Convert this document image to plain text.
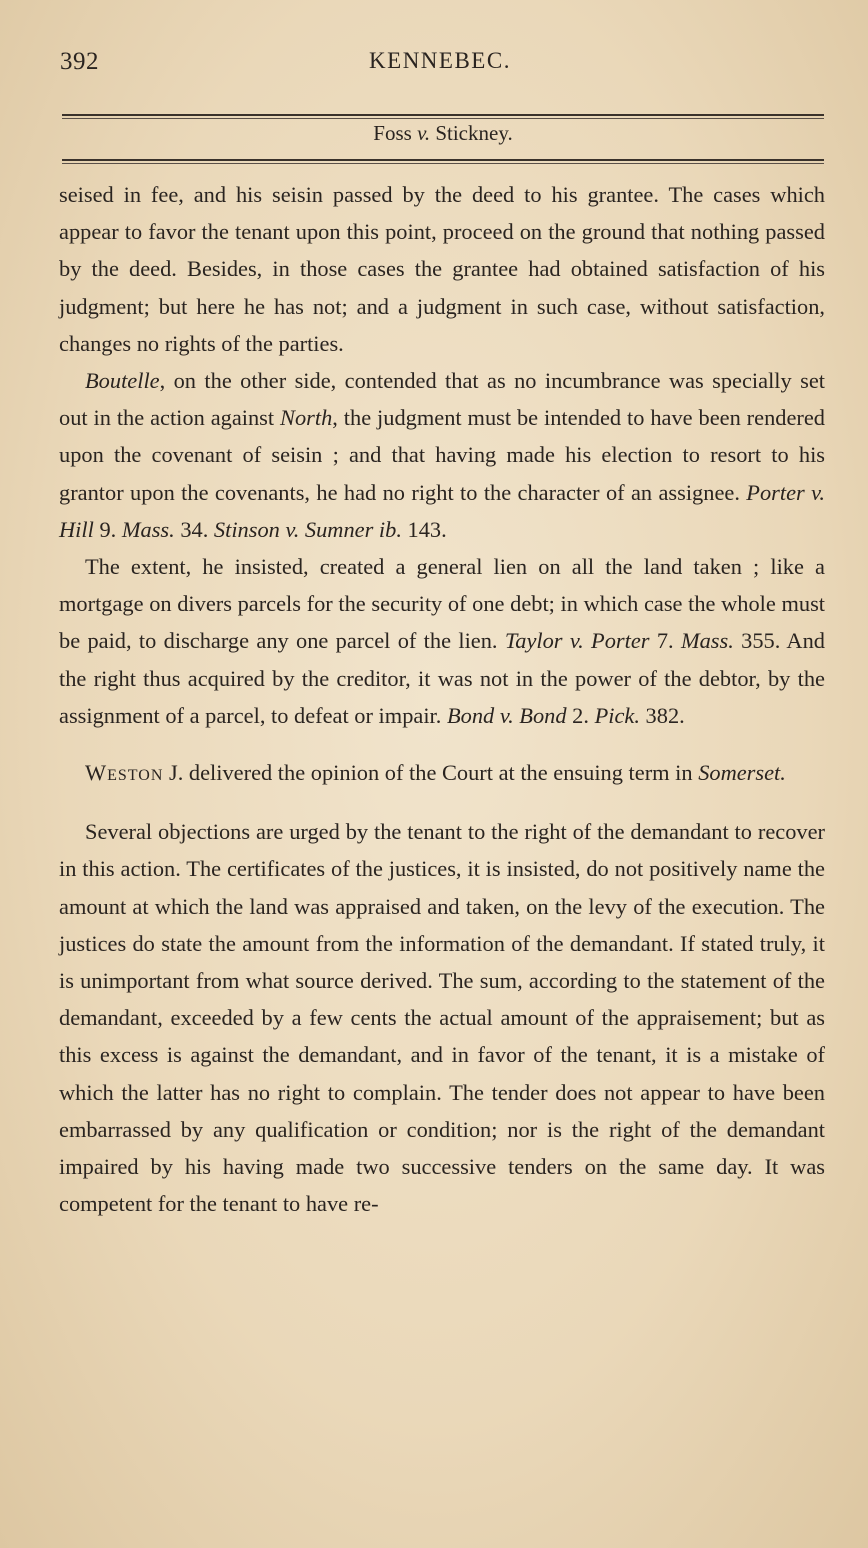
392	KENNEBEC.
Foss v. Stickney.

seised in fee, and his seisin passed by the deed to his grantee. The cases which appear to favor the tenant upon this point, proceed on the ground that nothing passed by the deed. Besides, in those cases the grantee had obtained satisfaction of his judgment; but here he has not; and a judgment in such case, without satisfaction, changes no rights of the parties.

Boutelle, on the other side, contended that as no incumbrance was specially set out in the action against North, the judgment must be intended to have been rendered upon the covenant of seisin ; and that having made his election to resort to his grantor upon the covenants, he had no right to the character of an assignee. Porter v. Hill 9. Mass. 34. Stinson v. Sumner ib. 143.

The extent, he insisted, created a general lien on all the land taken ; like a mortgage on divers parcels for the security of one debt; in which case the whole must be paid, to discharge any one parcel of the lien. Taylor v. Porter 7. Mass. 355. And the right thus acquired by the creditor, it was not in the power of the debtor, by the assignment of a parcel, to defeat or impair. Bond v. Bond 2. Pick. 382.

Weston J. delivered the opinion of the Court at the ensuing term in Somerset.

Several objections are urged by the tenant to the right of the demandant to recover in this action. The certificates of the justices, it is insisted, do not positively name the amount at which the land was appraised and taken, on the levy of the execution. The justices do state the amount from the information of the demandant. If stated truly, it is unimportant from what source derived. The sum, according to the statement of the demandant, exceeded by a few cents the actual amount of the appraisement; but as this excess is against the demandant, and in favor of the tenant, it is a mistake of which the latter has no right to complain. The tender does not appear to have been embarrassed by any qualification or condition; nor is the right of the demandant impaired by his having made two successive tenders on the same day. It was competent for the tenant to have re-
